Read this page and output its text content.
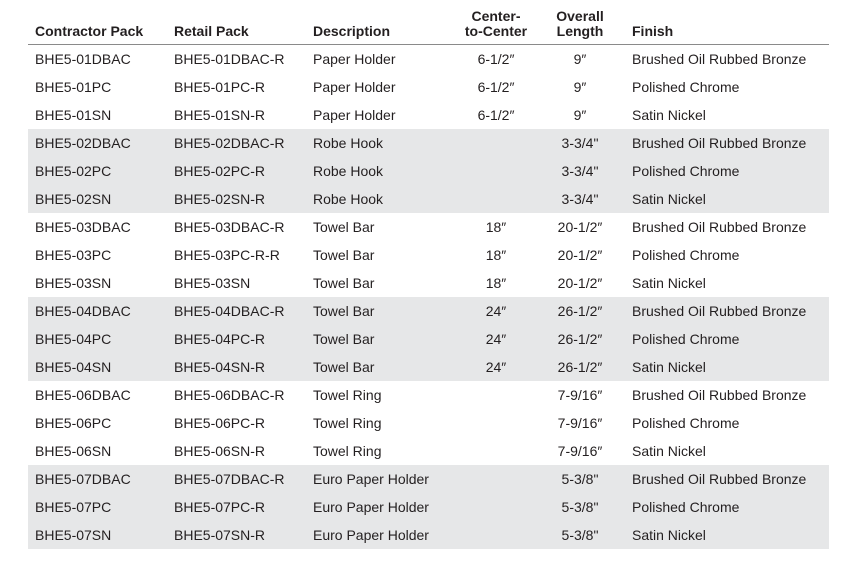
Contractor Pack Retail Pack	Description
Center-
to-Center
Overall
Length	Finish
BHE5-01DBAC	BHE5-01DBAC-R Paper Holder	6-1/2″	9″	Brushed Oil Rubbed Bronze
BHE5-01PC	BHE5-01PC-R	Paper Holder	6-1/2″	9″	Polished Chrome
BHE5-01SN	BHE5-01SN-R	Paper Holder	6-1/2″	9″	Satin Nickel
BHE5-02DBAC	BHE5-02DBAC-R Robe Hook	3-3/4"	Brushed Oil Rubbed Bronze
BHE5-02PC	BHE5-02PC-R	Robe Hook	3-3/4"	Polished Chrome
BHE5-02SN	BHE5-02SN-R	Robe Hook	3-3/4"	Satin Nickel
BHE5-03DBAC	BHE5-03DBAC-R Towel Bar	18″	20-1/2″	Brushed Oil Rubbed Bronze
BHE5-03PC	BHE5-03PC-R-R Towel Bar	18″	20-1/2″	Polished Chrome
BHE5-03SN	BHE5-03SN	Towel Bar	18″	20-1/2″	Satin Nickel
BHE5-04DBAC	BHE5-04DBAC-R Towel Bar	24″	26-1/2″	Brushed Oil Rubbed Bronze
BHE5-04PC	BHE5-04PC-R	Towel Bar	24″	26-1/2″	Polished Chrome
BHE5-04SN	BHE5-04SN-R	Towel Bar	24″	26-1/2″	Satin Nickel
BHE5-06DBAC	BHE5-06DBAC-R Towel Ring	7-9/16″	Brushed Oil Rubbed Bronze
BHE5-06PC	BHE5-06PC-R	Towel Ring	7-9/16″	Polished Chrome
BHE5-06SN	BHE5-06SN-R	Towel Ring	7-9/16″	Satin Nickel
BHE5-07DBAC	BHE5-07DBAC-R Euro Paper Holder	5-3/8"	Brushed Oil Rubbed Bronze
BHE5-07PC	BHE5-07PC-R	Euro Paper Holder	5-3/8"	Polished Chrome
BHE5-07SN	BHE5-07SN-R	Euro Paper Holder	5-3/8"	Satin Nickel
